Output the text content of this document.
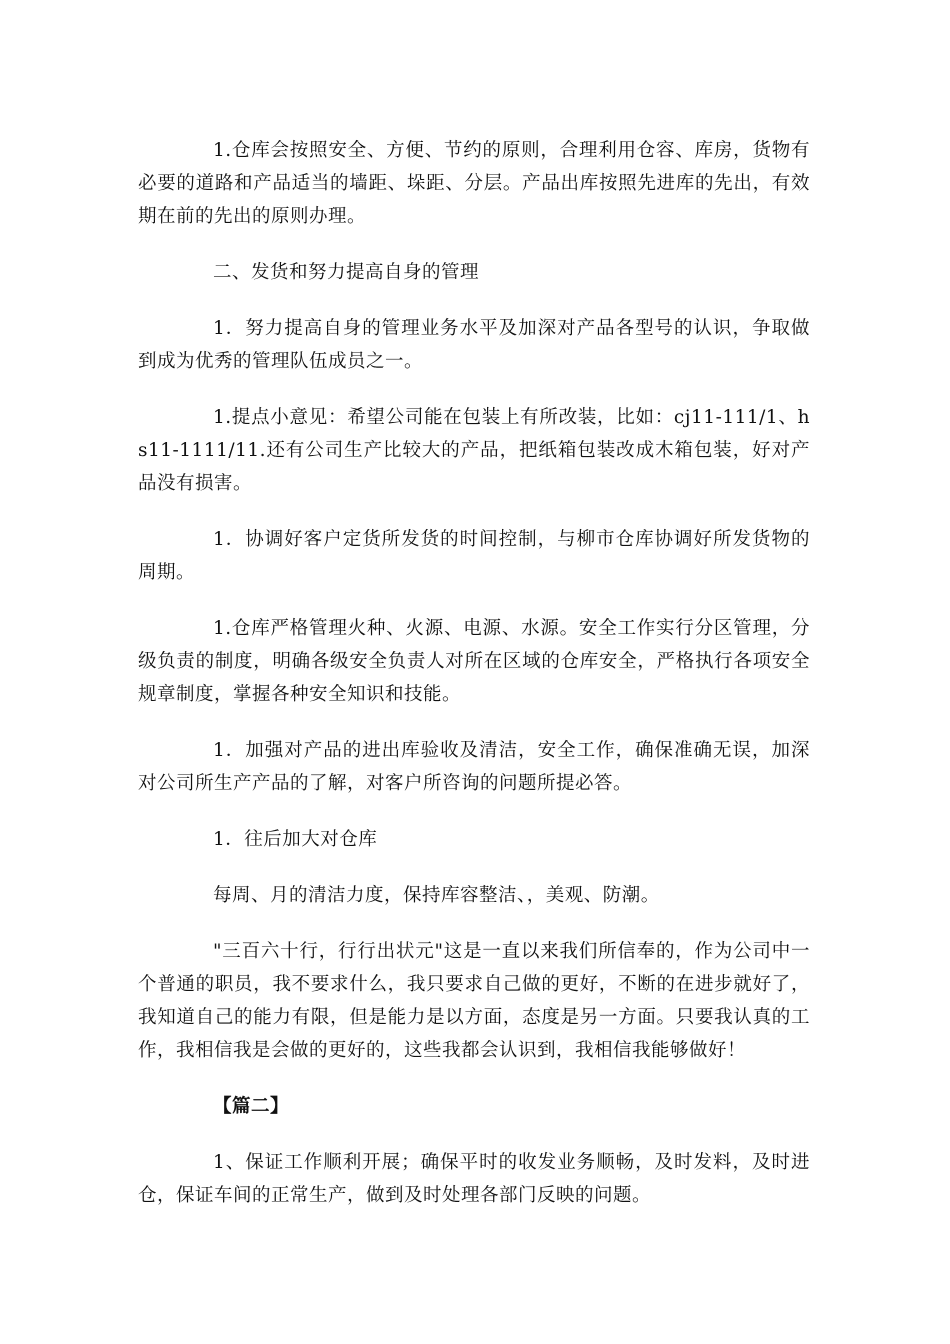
1.仓库会按照安全、方便、节约的原则，合理利用仓容、库房，货物有必要的道路和产品适当的墙距、垛距、分层。产品出库按照先进库的先出，有效期在前的先出的原则办理。

二、发货和努力提高自身的管理

1．努力提高自身的管理业务水平及加深对产品各型号的认识，争取做到成为优秀的管理队伍成员之一。

1.提点小意见：希望公司能在包装上有所改装，比如：cj11-111/1、hs11-1111/11.还有公司生产比较大的产品，把纸箱包装改成木箱包装，好对产品没有损害。

1．协调好客户定货所发货的时间控制，与柳市仓库协调好所发货物的周期。

1.仓库严格管理火种、火源、电源、水源。安全工作实行分区管理，分级负责的制度，明确各级安全负责人对所在区域的仓库安全，严格执行各项安全规章制度，掌握各种安全知识和技能。

1．加强对产品的进出库验收及清洁，安全工作，确保准确无误，加深对公司所生产产品的了解，对客户所咨询的问题所提必答。

1．往后加大对仓库

每周、月的清洁力度，保持库容整洁、，美观、防潮。

"三百六十行，行行出状元"这是一直以来我们所信奉的，作为公司中一个普通的职员，我不要求什么，我只要求自己做的更好，不断的在进步就好了，我知道自己的能力有限，但是能力是以方面，态度是另一方面。只要我认真的工作，我相信我是会做的更好的，这些我都会认识到，我相信我能够做好！

【篇二】

1、保证工作顺利开展；确保平时的收发业务顺畅，及时发料，及时进仓，保证车间的正常生产，做到及时处理各部门反映的问题。
